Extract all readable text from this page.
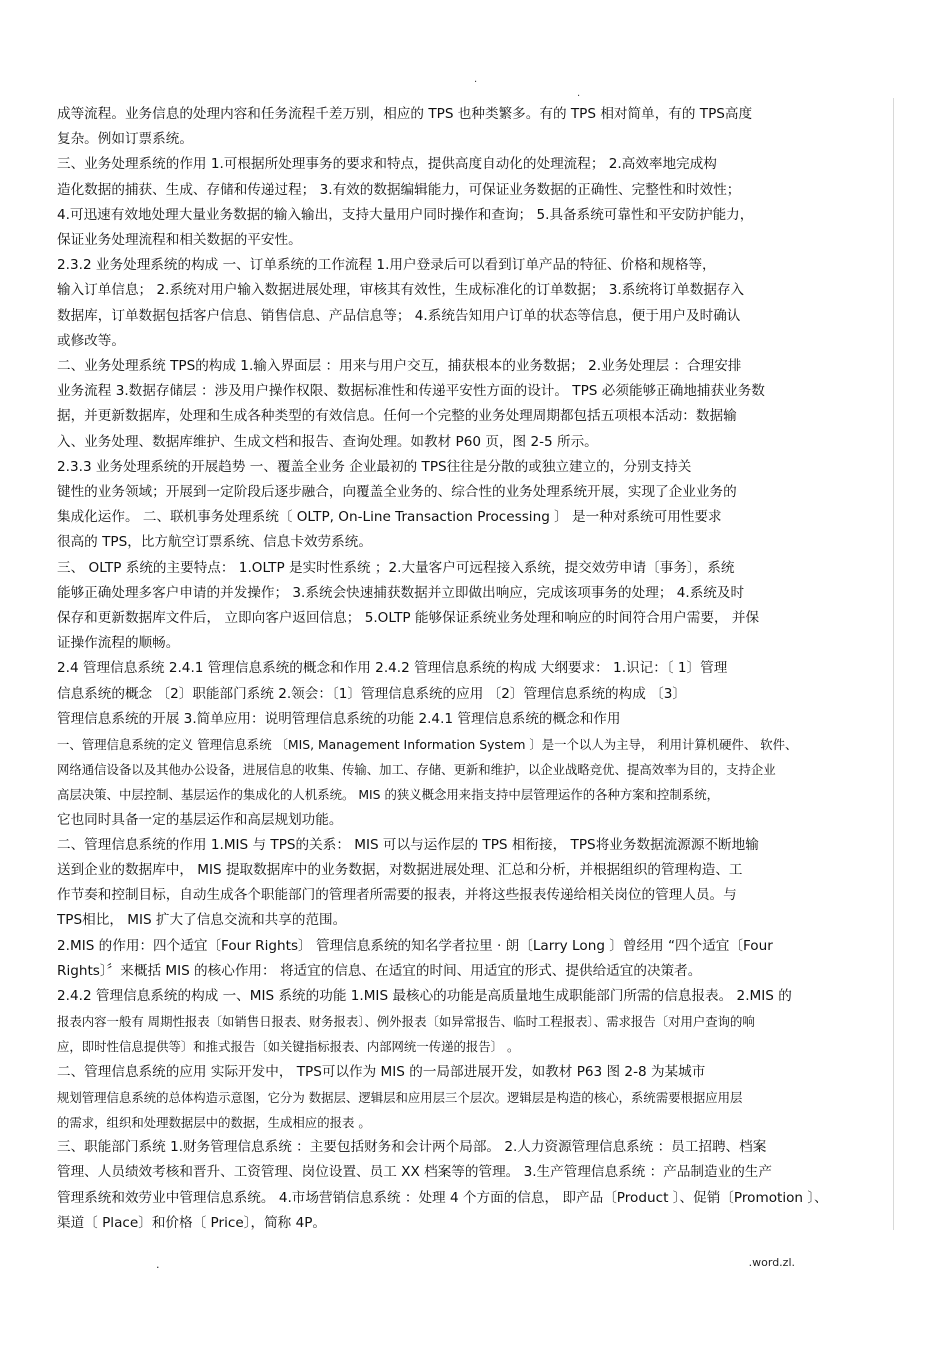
.
.
成等流程。业务信息的处理内容和任务流程千差万别，相应的 TPS 也种类繁多。有的 TPS 相对简单，有的 TPS高度
复杂。例如订票系统。
三、业务处理系统的作用 1.可根据所处理事务的要求和特点，提供高度自动化的处理流程； 2.高效率地完成构
造化数据的捕获、生成、存储和传递过程； 3.有效的数据编辑能力，可保证业务数据的正确性、完整性和时效性；
4.可迅速有效地处理大量业务数据的输入输出，支持大量用户同时操作和查询； 5.具备系统可靠性和平安防护能力，
保证业务处理流程和相关数据的平安性。
2.3.2 业务处理系统的构成 一、订单系统的工作流程 1.用户登录后可以看到订单产品的特征、价格和规格等，
输入订单信息； 2.系统对用户输入数据进展处理，审核其有效性，生成标准化的订单数据； 3.系统将订单数据存入
数据库，订单数据包括客户信息、销售信息、产品信息等； 4.系统告知用户订单的状态等信息，便于用户及时确认
或修改等。
二、业务处理系统 TPS的构成 1.输入界面层 ：用来与用户交互，捕获根本的业务数据； 2.业务处理层 ：合理安排
业务流程 3.数据存储层 ：涉及用户操作权限、数据标准性和传递平安性方面的设计。 TPS 必须能够正确地捕获业务数
据，并更新数据库，处理和生成各种类型的有效信息。任何一个完整的业务处理周期都包括五项根本活动：数据输
入、业务处理、数据库维护、生成文档和报告、查询处理。如教材 P60 页，图 2-5 所示。
2.3.3 业务处理系统的开展趋势 一、覆盖全业务 企业最初的 TPS往往是分散的或独立建立的，分别支持关
键性的业务领域；开展到一定阶段后逐步融合，向覆盖全业务的、综合性的业务处理系统开展，实现了企业业务的
集成化运作。 二、联机事务处理系统〔 OLTP, On-Line Transaction Processing 〕 是一种对系统可用性要求
很高的 TPS，比方航空订票系统、信息卡效劳系统。
三、 OLTP 系统的主要特点： 1.OLTP 是实时性系统 ；2.大量客户可远程接入系统，提交效劳申请〔事务〕，系统
能够正确处理多客户申请的并发操作； 3.系统会快速捕获数据并立即做出响应，完成该项事务的处理； 4.系统及时
保存和更新数据库文件后， 立即向客户返回信息； 5.OLTP 能够保证系统业务处理和响应的时间符合用户需要， 并保
证操作流程的顺畅。
2.4 管理信息系统 2.4.1 管理信息系统的概念和作用 2.4.2 管理信息系统的构成 大纲要求： 1.识记：〔 1〕管理
信息系统的概念 〔2〕职能部门系统 2.领会：〔1〕管理信息系统的应用 〔2〕管理信息系统的构成 〔3〕
管理信息系统的开展 3.简单应用：说明管理信息系统的功能 2.4.1 管理信息系统的概念和作用
一、管理信息系统的定义 管理信息系统 〔MIS, Management Information System 〕是一个以人为主导， 利用计算机硬件、 软件、
网络通信设备以及其他办公设备，进展信息的收集、传输、加工、存储、更新和维护，以企业战略竞优、提高效率为目的，支持企业
高层决策、中层控制、基层运作的集成化的人机系统。 MIS 的狭义概念用来指支持中层管理运作的各种方案和控制系统，
它也同时具备一定的基层运作和高层规划功能。
二、管理信息系统的作用 1.MIS 与 TPS的关系： MIS 可以与运作层的 TPS 相衔接， TPS将业务数据流源源不断地输
送到企业的数据库中， MIS 提取数据库中的业务数据，对数据进展处理、汇总和分析，并根据组织的管理构造、工
作节奏和控制目标，自动生成各个职能部门的管理者所需要的报表，并将这些报表传递给相关岗位的管理人员。与
TPS相比， MIS 扩大了信息交流和共享的范围。
2.MIS 的作用：四个适宜〔Four Rights〕 管理信息系统的知名学者拉里 · 朗〔Larry Long 〕曾经用 “四个适宜〔Four
Rights〕〞来概括 MIS 的核心作用： 将适宜的信息、在适宜的时间、用适宜的形式、提供给适宜的决策者。
2.4.2 管理信息系统的构成 一、MIS 系统的功能 1.MIS 最核心的功能是高质量地生成职能部门所需的信息报表。 2.MIS 的
报表内容一般有 周期性报表〔如销售日报表、财务报表〕、例外报表〔如异常报告、临时工程报表〕、需求报告〔对用户查询的响
应，即时性信息提供等〕和推式报告〔如关键指标报表、内部网统一传递的报告〕 。
二、管理信息系统的应用 实际开发中， TPS可以作为 MIS 的一局部进展开发，如教材 P63 图 2-8 为某城市
规划管理信息系统的总体构造示意图，它分为 数据层、逻辑层和应用层三个层次。逻辑层是构造的核心，系统需要根据应用层
的需求，组织和处理数据层中的数据，生成相应的报表 。
三、职能部门系统 1.财务管理信息系统 ：主要包括财务和会计两个局部。 2.人力资源管理信息系统 ：员工招聘、档案
管理、人员绩效考核和晋升、工资管理、岗位设置、员工 XX 档案等的管理。 3.生产管理信息系统 ：产品制造业的生产
管理系统和效劳业中管理信息系统。 4.市场营销信息系统 ：处理 4 个方面的信息， 即产品〔Product 〕、促销〔Promotion 〕、
渠道〔 Place〕和价格〔 Price〕，简称 4P。
.	.word.zl.
